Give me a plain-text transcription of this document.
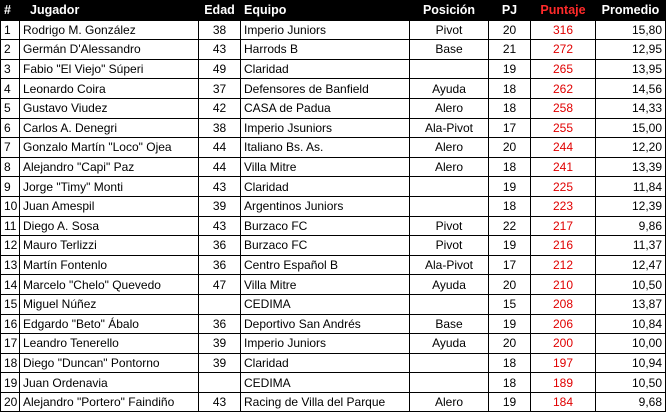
#	Jugador	Edad	Equipo	Posición	PJ	Puntaje	Promedio
1	Rodrigo M. González	38	Imperio Juniors	Pivot	20	316	15,80
2	Germán D'Alessandro	43	Harrods B	Base	21	272	12,95
3	Fabio "El Viejo" Súperi	49	Claridad		19	265	13,95
4	Leonardo Coira	37	Defensores de Banfield	Ayuda	18	262	14,56
5	Gustavo Viudez	42	CASA de Padua	Alero	18	258	14,33
6	Carlos A. Denegri	38	Imperio Jsuniors	Ala-Pivot	17	255	15,00
7	Gonzalo Martín "Loco" Ojea	44	Italiano Bs. As.	Alero	20	244	12,20
8	Alejandro "Capi" Paz	44	Villa Mitre	Alero	18	241	13,39
9	Jorge "Timy" Monti	43	Claridad		19	225	11,84
10	Juan Amespil	39	Argentinos Juniors		18	223	12,39
11	Diego A. Sosa	43	Burzaco FC	Pivot	22	217	9,86
12	Mauro Terlizzi	36	Burzaco FC	Pivot	19	216	11,37
13	Martín Fontenlo	36	Centro Español B	Ala-Pivot	17	212	12,47
14	Marcelo "Chelo" Quevedo	47	Villa Mitre	Ayuda	20	210	10,50
15	Miguel Núñez		CEDIMA		15	208	13,87
16	Edgardo "Beto" Ábalo	36	Deportivo San Andrés	Base	19	206	10,84
17	Leandro Tenerello	39	Imperio Juniors	Ayuda	20	200	10,00
18	Diego "Duncan" Pontorno	39	Claridad		18	197	10,94
19	Juan Ordenavia		CEDIMA		18	189	10,50
20	Alejandro "Portero" Faindiño	43	Racing de Villa del Parque	Alero	19	184	9,68
